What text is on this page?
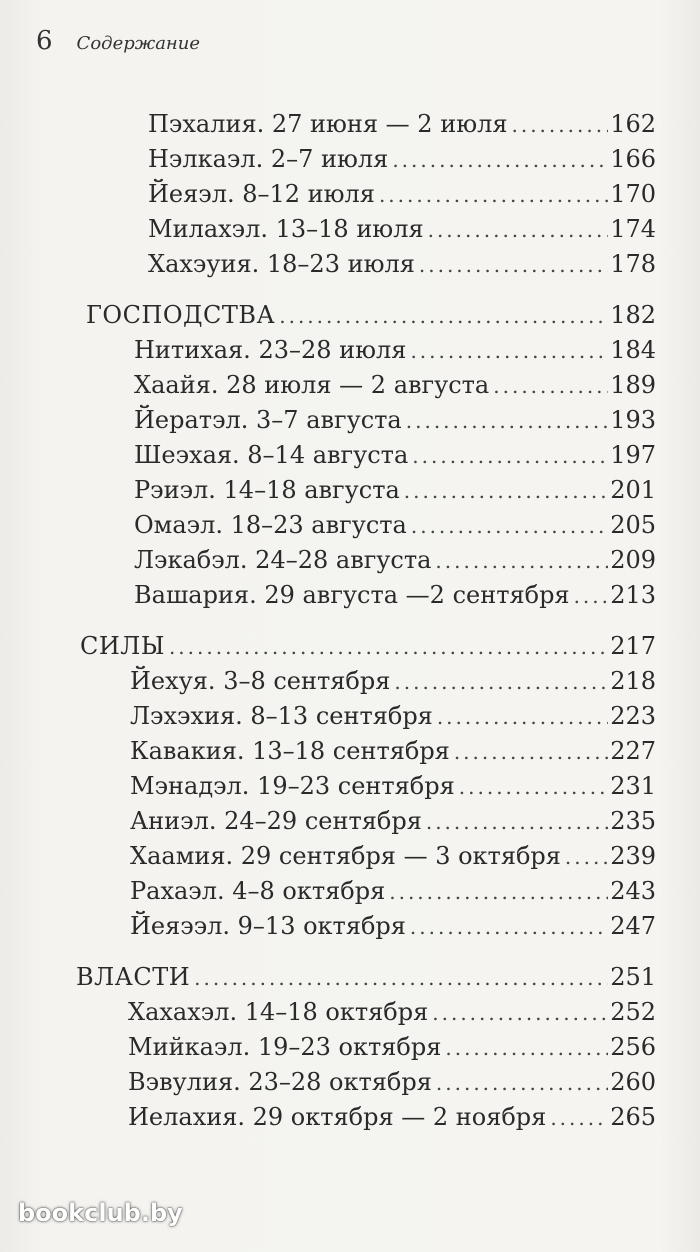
6 Содержание
Пэхалия. 27 июня — 2 июля .....	162
Нэлкаэл. 2–7 июля .....	166
Йеяэл. 8–12 июля .....	170
Милахэл. 13–18 июля .....	174
Хахэуия. 18–23 июля .....	178
ГОСПОДСТВА .....	182
Нитихая. 23–28 июля .....	184
Хаайя. 28 июля — 2 августа .....	189
Йератэл. 3–7 августа .....	193
Шеэхая. 8–14 августа .....	197
Рэиэл. 14–18 августа .....	201
Омаэл. 18–23 августа .....	205
Лэкабэл. 24–28 августа .....	209
Вашария. 29 августа —2 сентября ..... 213
СИЛЫ .....	217
Йехуя. 3–8 сентября .....	218
Лэхэхия. 8–13 сентября .....	223
Кавакия. 13–18 сентября .....	227
Мэнадэл. 19–23 сентября .....	231
Аниэл. 24–29 сентября .....	235
Хаамия. 29 сентября — 3 октября ..... 239
Рахаэл. 4–8 октября .....	243
Йеяээл. 9–13 октября .....	247
ВЛАСТИ .....	251
Хахахэл. 14–18 октября .....	252
Мийкаэл. 19–23 октября .....	256
Вэвулия. 23–28 октября .....	260
Иелахия. 29 октября — 2 ноября .....	265
bookclub.by
